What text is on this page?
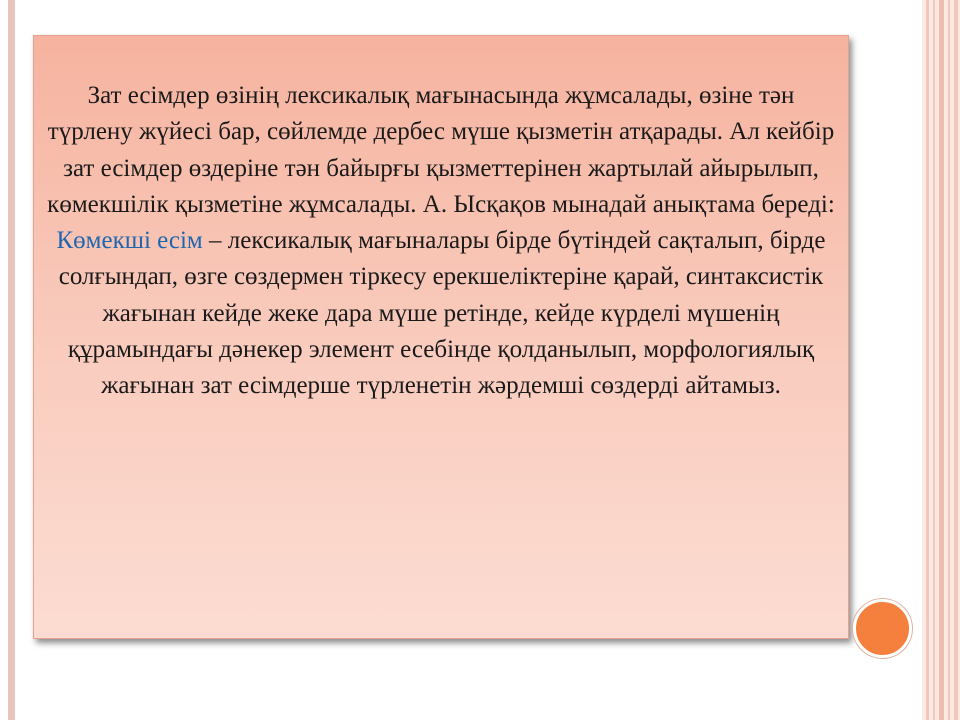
Зат есімдер өзінің лексикалық мағынасында жұмсалады, өзіне тән түрлену жүйесі бар, сөйлемде дербес мүше қызметін атқарады. Ал кейбір зат есімдер өздеріне тән байырғы қызметтерінен жартылай айырылып, көмекшілік қызметіне жұмсалады. А. Ысқақов мынадай анықтама береді:
Көмекші есім – лексикалық мағыналары бірде бүтіндей сақталып, бірде солғындап, өзге сөздермен тіркесу ерекшеліктеріне қарай, синтаксистік жағынан кейде жеке дара мүше ретінде, кейде күрделі мүшенің құрамындағы дәнекер элемент есебінде қолданылып, морфологиялық жағынан зат есімдерше түрленетін жәрдемші сөздерді айтамыз.
